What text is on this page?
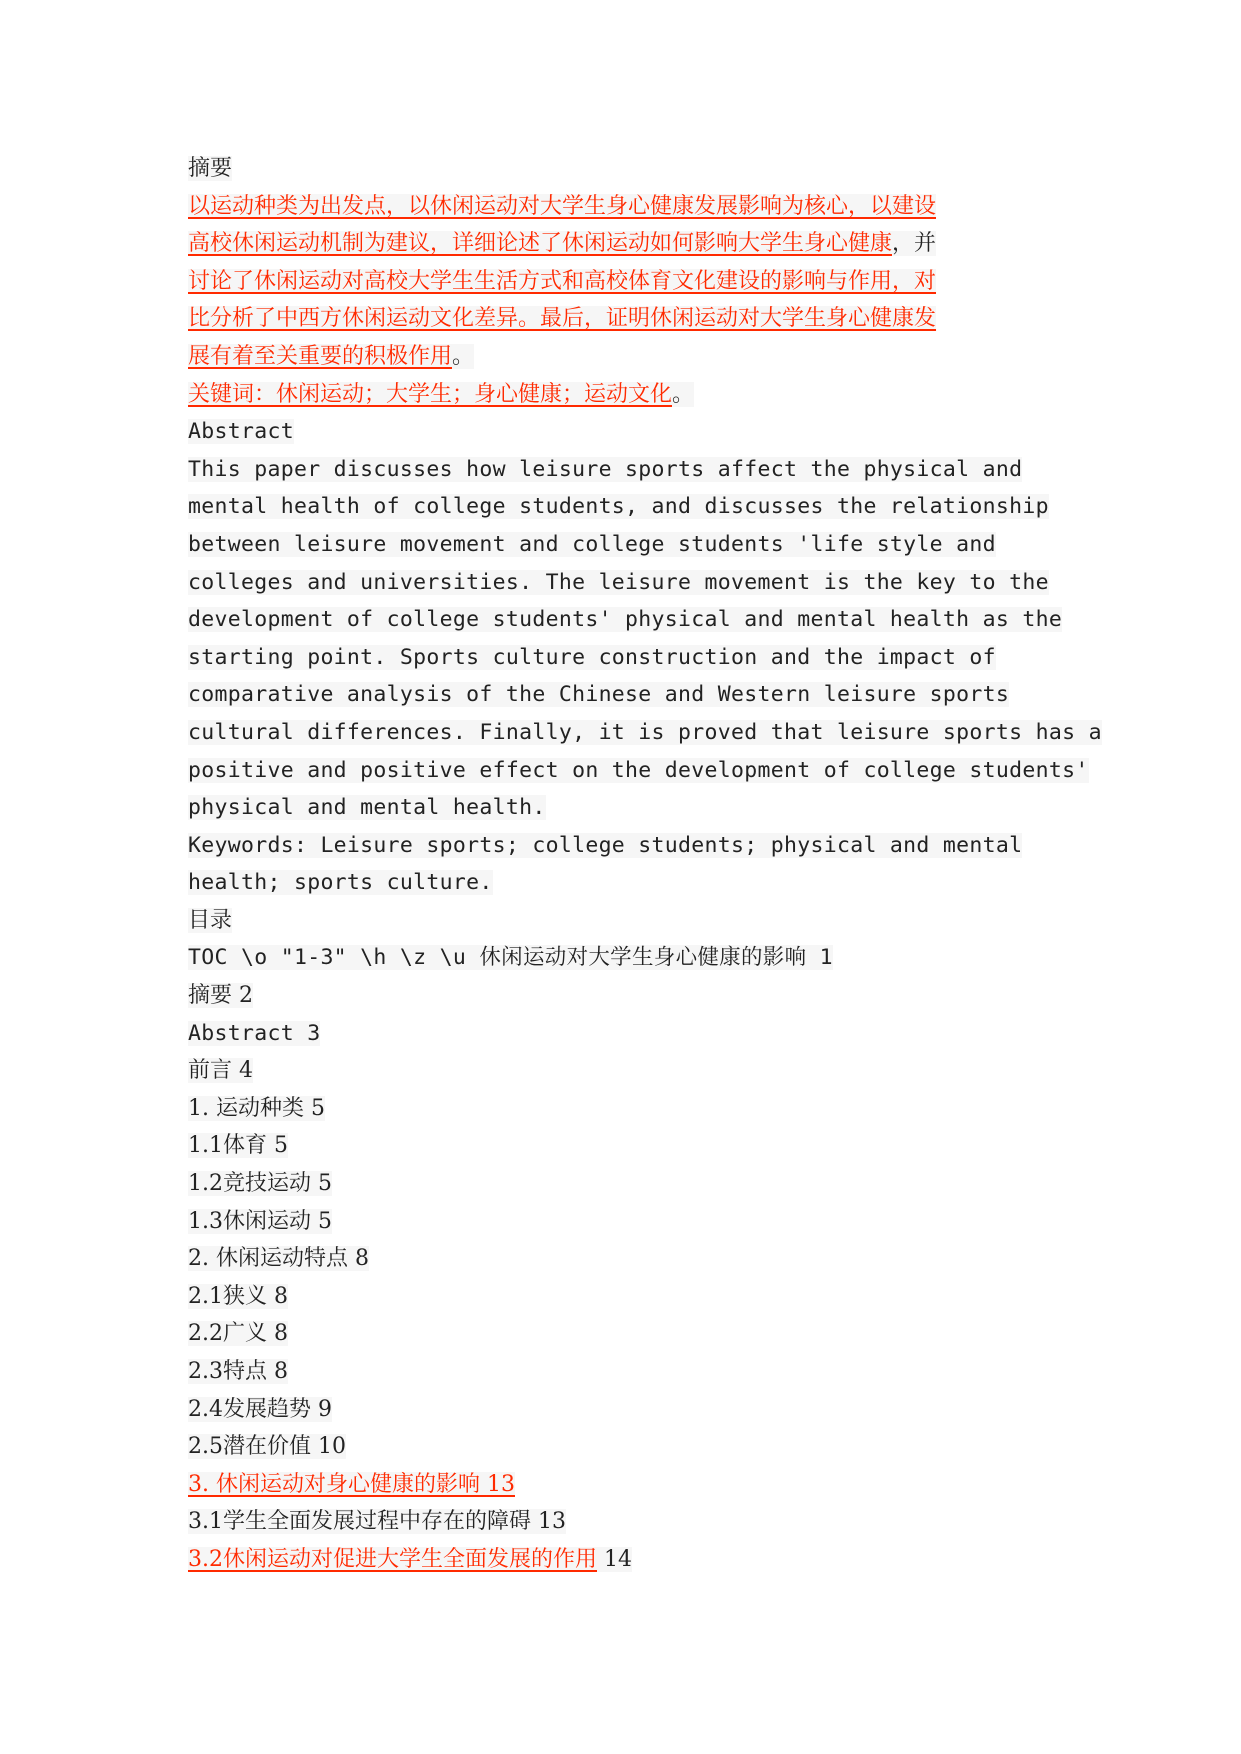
摘要
以运动种类为出发点，以休闲运动对大学生身心健康发展影响为核心，以建设
高校休闲运动机制为建议，详细论述了休闲运动如何影响大学生身心健康，并
讨论了休闲运动对高校大学生生活方式和高校体育文化建设的影响与作用，对
比分析了中西方休闲运动文化差异。最后，证明休闲运动对大学生身心健康发
展有着至关重要的积极作用。
关键词：休闲运动；大学生；身心健康；运动文化。
Abstract
This paper discusses how leisure sports affect the physical and
mental health of college students, and discusses the relationship
between leisure movement and college students 'life style and
colleges and universities. The leisure movement is the key to the
development of college students' physical and mental health as the
starting point. Sports culture construction and the impact of
comparative analysis of the Chinese and Western leisure sports
cultural differences. Finally, it is proved that leisure sports has a
positive and positive effect on the development of college students'
physical and mental health.
Keywords: Leisure sports; college students; physical and mental
health; sports culture.
目录
TOC \o "1-3" \h \z \u 休闲运动对大学生身心健康的影响 1
摘要 2
Abstract 3
前言 4
1. 运动种类 5
1.1体育 5
1.2竞技运动 5
1.3休闲运动 5
2. 休闲运动特点 8
2.1狭义 8
2.2广义 8
2.3特点 8
2.4发展趋势 9
2.5潜在价值 10
3. 休闲运动对身心健康的影响 13
3.1学生全面发展过程中存在的障碍 13
3.2休闲运动对促进大学生全面发展的作用 14
